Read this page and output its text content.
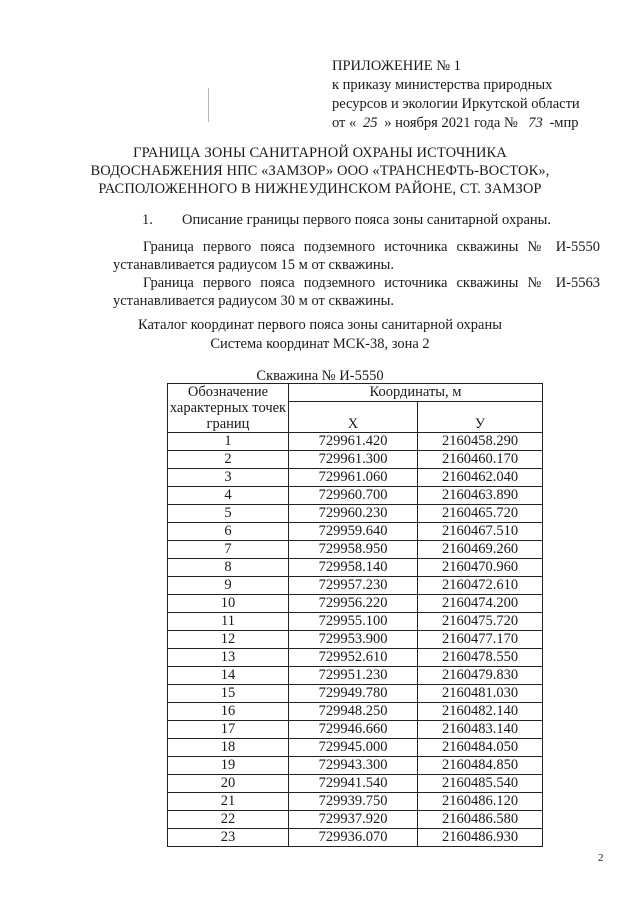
ПРИЛОЖЕНИЕ № 1
к приказу министерства природных
ресурсов и экологии Иркутской области
от « 25 » ноября 2021 года № 73 -мпр
ГРАНИЦА ЗОНЫ САНИТАРНОЙ ОХРАНЫ ИСТОЧНИКА
ВОДОСНАБЖЕНИЯ НПС «ЗАМЗОР» ООО «ТРАНСНЕФТЬ-ВОСТОК»,
РАСПОЛОЖЕННОГО В НИЖНЕУДИНСКОМ РАЙОНЕ, СТ. ЗАМЗОР
1. Описание границы первого пояса зоны санитарной охраны.
Граница первого пояса подземного источника скважины № И-5550
устанавливается радиусом 15 м от скважины.
Граница первого пояса подземного источника скважины № И-5563
устанавливается радиусом 30 м от скважины.
Каталог координат первого пояса зоны санитарной охраны
Система координат МСК-38, зона 2
Скважина № И-5550
Обозначение характерных точек границ	Координаты, м	
	X	У
1	729961.420	2160458.290
2	729961.300	2160460.170
3	729961.060	2160462.040
4	729960.700	2160463.890
5	729960.230	2160465.720
6	729959.640	2160467.510
7	729958.950	2160469.260
8	729958.140	2160470.960
9	729957.230	2160472.610
10	729956.220	2160474.200
11	729955.100	2160475.720
12	729953.900	2160477.170
13	729952.610	2160478.550
14	729951.230	2160479.830
15	729949.780	2160481.030
16	729948.250	2160482.140
17	729946.660	2160483.140
18	729945.000	2160484.050
19	729943.300	2160484.850
20	729941.540	2160485.540
21	729939.750	2160486.120
22	729937.920	2160486.580
23	729936.070	2160486.930
2
